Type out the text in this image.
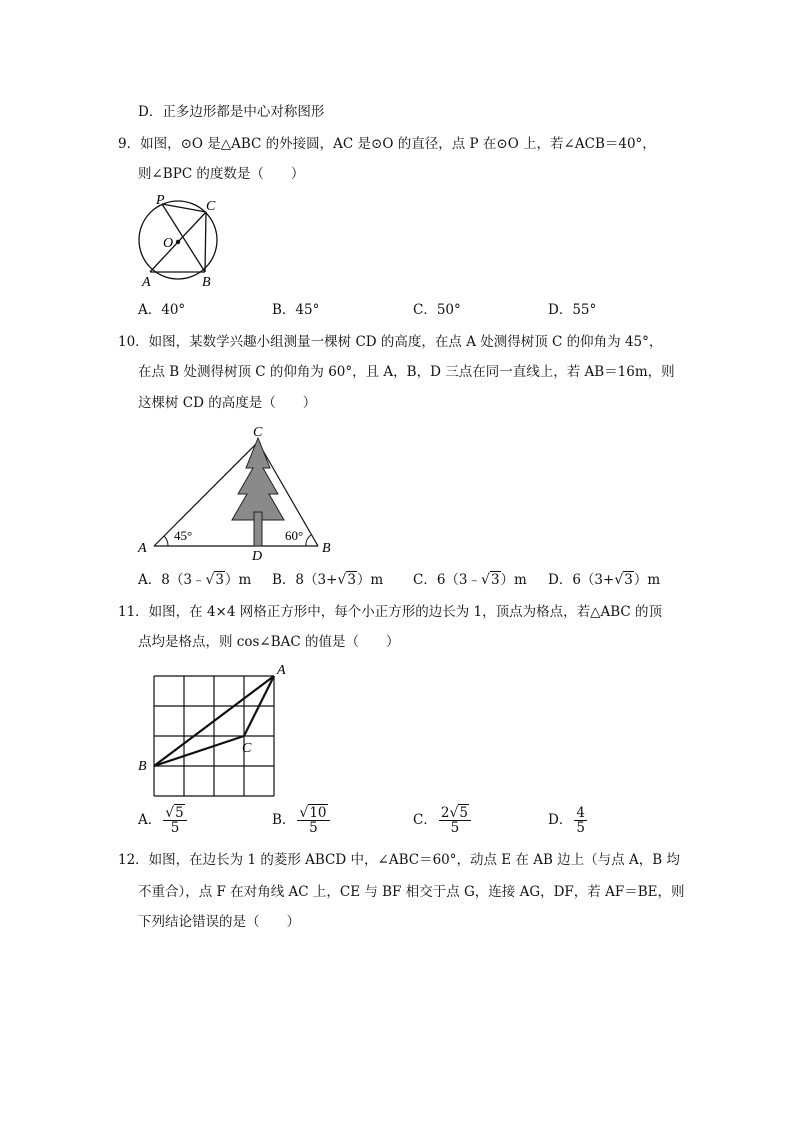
D．正多边形都是中心对称图形
9．如图，⊙O 是△ABC 的外接圆，AC 是⊙O 的直径，点 P 在⊙O 上，若∠ACB＝40°，
则∠BPC 的度数是（　　）
P	C
O
A	B
A．40°	B．45°	C．50°	D．55°
10．如图，某数学兴趣小组测量一棵树 CD 的高度，在点 A 处测得树顶 C 的仰角为 45°，
在点 B 处测得树顶 C 的仰角为 60°，且 A，B，D 三点在同一直线上，若 AB＝16m，则
这棵树 CD 的高度是（　　）
C
A	B
D
45°	60°
A．8（3﹣√3）m B．8（3+√3）m C．6（3﹣√3）m D．6（3+√3）m
11．如图，在 4×4 网格正方形中，每个小正方形的边长为 1，顶点为格点，若△ABC 的顶
点均是格点，则 cos∠BAC 的值是（　　）
A
B
C
A． $\frac{√5}{5}$	B． $\frac{√10}{5}$	C． $\frac{2√5}{5}$	D． $\frac{4}{5}$
12．如图，在边长为 1 的菱形 ABCD 中，∠ABC＝60°，动点 E 在 AB 边上（与点 A，B 均
不重合），点 F 在对角线 AC 上，CE 与 BF 相交于点 G，连接 AG，DF，若 AF＝BE，则
下列结论错误的是（　　）
